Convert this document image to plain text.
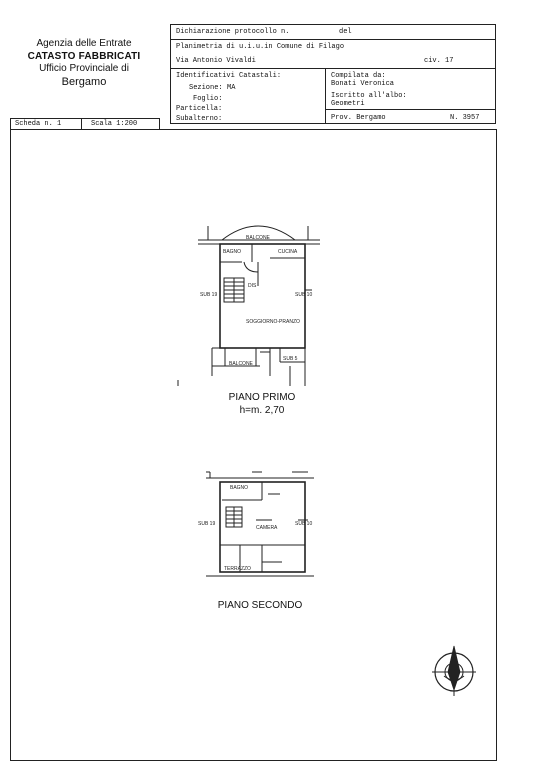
Agenzia delle Entrate
CATASTO FABBRICATI
Ufficio Provinciale di
Bergamo
Dichiarazione protocollo n.	del
Planimetria di u.i.u.in Comune di Filago
Via Antonio Vivaldi	civ. 17
Identificativi Catastali:
Sezione: MA
Foglio:
Particella:
Subalterno:
Compilata da:
Bonati Veronica
Iscritto all'albo:
Geometri
Prov. Bergamo	N. 3957
Scheda n. 1	Scala 1:200
BALCONE
BAGNO	CUCINA
DIS
SUB 19	SUB 10
SOGGIORNO-PRANZO
SUB 5
BALCONE
BAGNO
SUB 19
CAMERA
SUB 10
TERRAZZO
PIANO PRIMO
h=m. 2,70
PIANO SECONDO
